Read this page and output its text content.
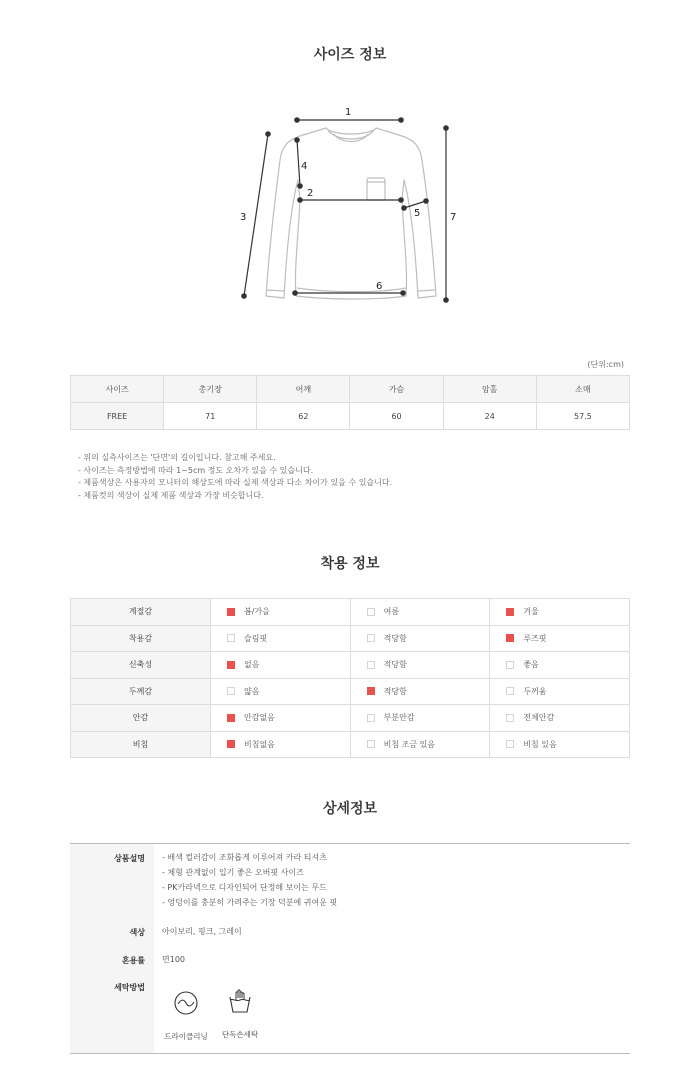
사이즈 정보
1
2
3
4
5
6
7
(단위:cm)
사이즈	총기장	어깨	가슴	암홀	소매
FREE	71	62	60	24	57.5
- 위의 실측사이즈는 '단면'의 길이입니다. 참고해 주세요.
- 사이즈는 측정방법에 따라 1~5cm 정도 오차가 있을 수 있습니다.
- 제품색상은 사용자의 모니터의 해상도에 따라 실제 색상과 다소 차이가 있을 수 있습니다.
- 제품컷의 색상이 실제 제품 색상과 가장 비슷합니다.
착용 정보
계절감	봄/가을	여름	겨울
착용감	슬림핏	적당함	루즈핏
신축성	없음	적당함	좋음
두께감	얇음	적당함	두꺼움
안감	안감없음	부분안감	전체안감
비침	비침없음	비침 조금 있음	비침 있음
상세정보
상품설명 - 배색 컬러감이 조화롭게 이루어져 카라 티셔츠
- 체형 관계없이 입기 좋은 오버핏 사이즈
- PK카라넥으로 디자인되어 단정해 보이는 무드
- 엉덩이를 충분히 가려주는 기장 덕분에 귀여운 핏
색상 아이보리, 핑크, 그레이
혼용률 면100
세탁방법
드라이클리닝	단독손세탁
